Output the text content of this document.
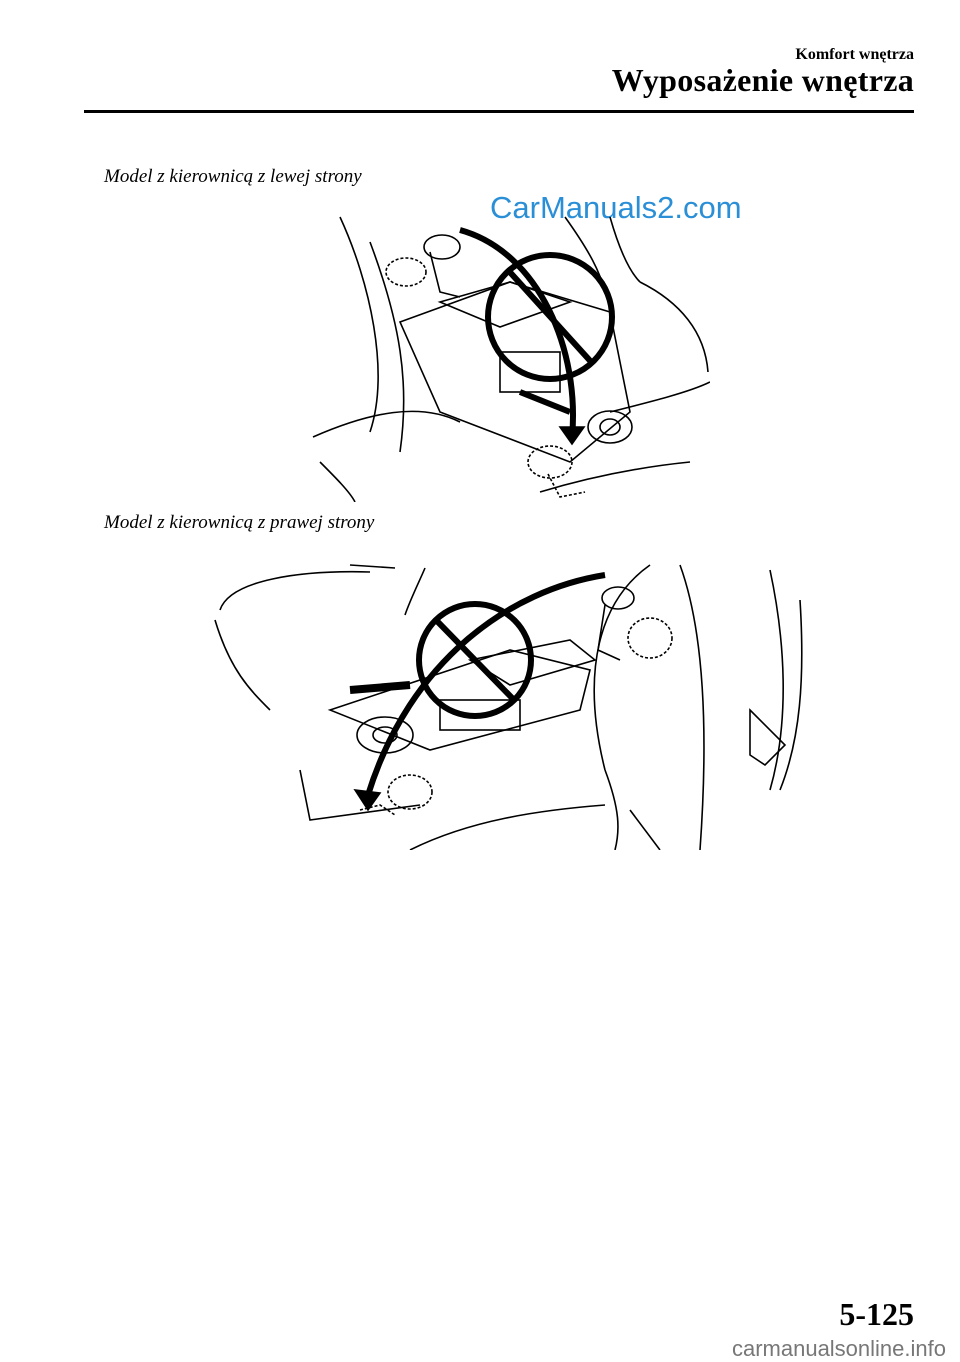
Komfort wnętrza
Wyposażenie wnętrza
Model z kierownicą z lewej strony
CarManuals2.com
Model z kierownicą z prawej strony
5-125
carmanualsonline.info
